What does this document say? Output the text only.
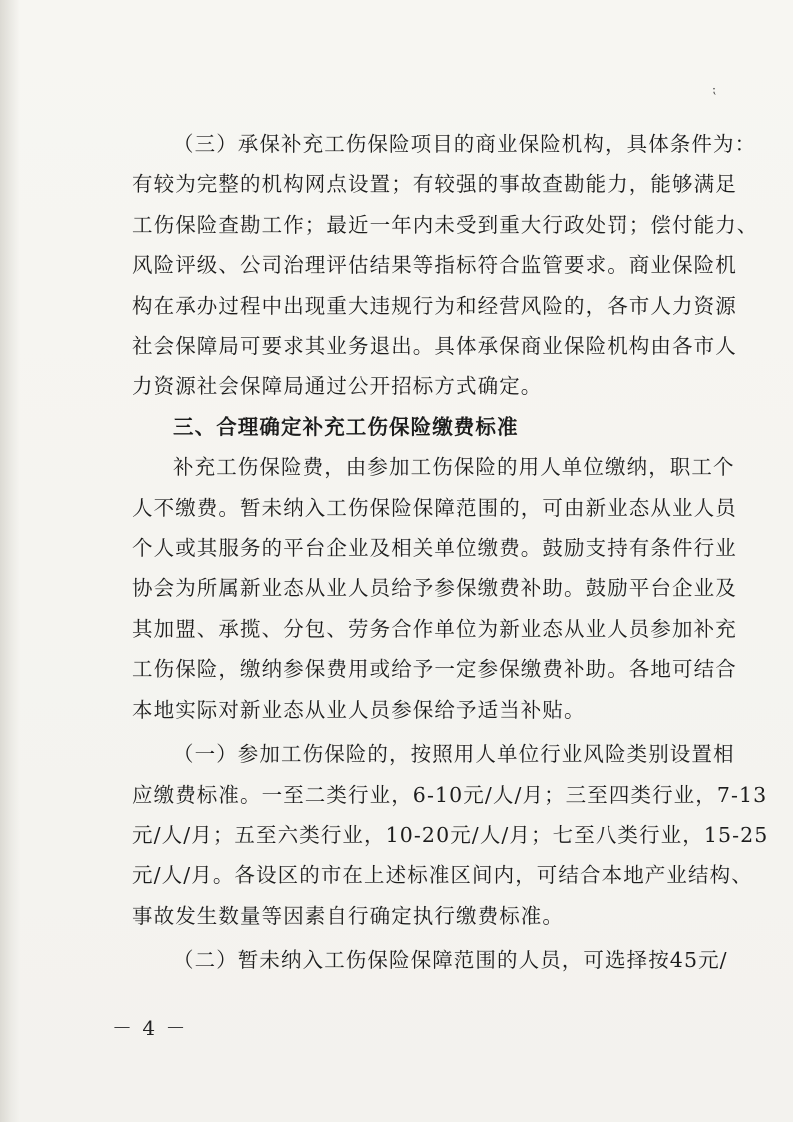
⁏

（三）承保补充工伤保险项目的商业保险机构，具体条件为：
有较为完整的机构网点设置；有较强的事故查勘能力，能够满足
工伤保险查勘工作；最近一年内未受到重大行政处罚；偿付能力、
风险评级、公司治理评估结果等指标符合监管要求。商业保险机
构在承办过程中出现重大违规行为和经营风险的，各市人力资源
社会保障局可要求其业务退出。具体承保商业保险机构由各市人
力资源社会保障局通过公开招标方式确定。

三、合理确定补充工伤保险缴费标准

补充工伤保险费，由参加工伤保险的用人单位缴纳，职工个
人不缴费。暂未纳入工伤保险保障范围的，可由新业态从业人员
个人或其服务的平台企业及相关单位缴费。鼓励支持有条件行业
协会为所属新业态从业人员给予参保缴费补助。鼓励平台企业及
其加盟、承揽、分包、劳务合作单位为新业态从业人员参加补充
工伤保险，缴纳参保费用或给予一定参保缴费补助。各地可结合
本地实际对新业态从业人员参保给予适当补贴。

（一）参加工伤保险的，按照用人单位行业风险类别设置相
应缴费标准。一至二类行业，6-10元/人/月；三至四类行业，7-13
元/人/月；五至六类行业，10-20元/人/月；七至八类行业，15-25
元/人/月。各设区的市在上述标准区间内，可结合本地产业结构、
事故发生数量等因素自行确定执行缴费标准。

（二）暂未纳入工伤保险保障范围的人员，可选择按45元/

－ 4 －
